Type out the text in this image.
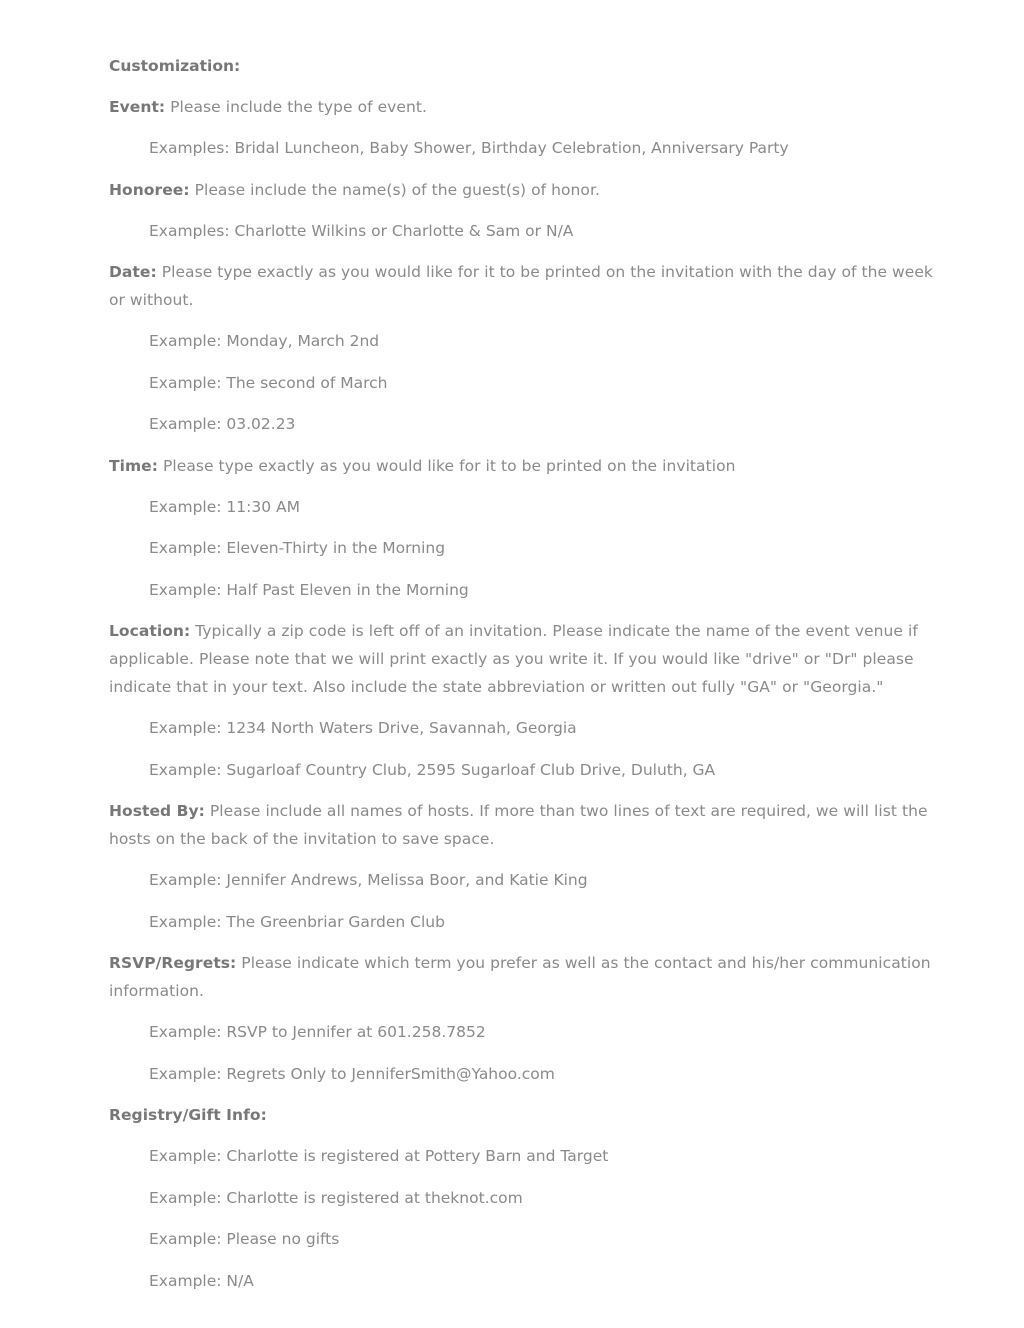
Customization:

Event: Please include the type of event.

Examples: Bridal Luncheon, Baby Shower, Birthday Celebration, Anniversary Party

Honoree: Please include the name(s) of the guest(s) of honor.

Examples: Charlotte Wilkins or Charlotte & Sam or N/A

Date: Please type exactly as you would like for it to be printed on the invitation with the day of the week or without.

Example: Monday, March 2nd
Example: The second of March
Example: 03.02.23

Time: Please type exactly as you would like for it to be printed on the invitation

Example: 11:30 AM
Example: Eleven-Thirty in the Morning
Example: Half Past Eleven in the Morning

Location: Typically a zip code is left off of an invitation. Please indicate the name of the event venue if applicable. Please note that we will print exactly as you write it. If you would like "drive" or "Dr" please indicate that in your text. Also include the state abbreviation or written out fully "GA" or "Georgia."

Example: 1234 North Waters Drive, Savannah, Georgia
Example: Sugarloaf Country Club, 2595 Sugarloaf Club Drive, Duluth, GA

Hosted By: Please include all names of hosts. If more than two lines of text are required, we will list the hosts on the back of the invitation to save space.

Example: Jennifer Andrews, Melissa Boor, and Katie King
Example: The Greenbriar Garden Club

RSVP/Regrets: Please indicate which term you prefer as well as the contact and his/her communication information.

Example: RSVP to Jennifer at 601.258.7852
Example: Regrets Only to JenniferSmith@Yahoo.com

Registry/Gift Info:

Example: Charlotte is registered at Pottery Barn and Target
Example: Charlotte is registered at theknot.com
Example: Please no gifts
Example: N/A
